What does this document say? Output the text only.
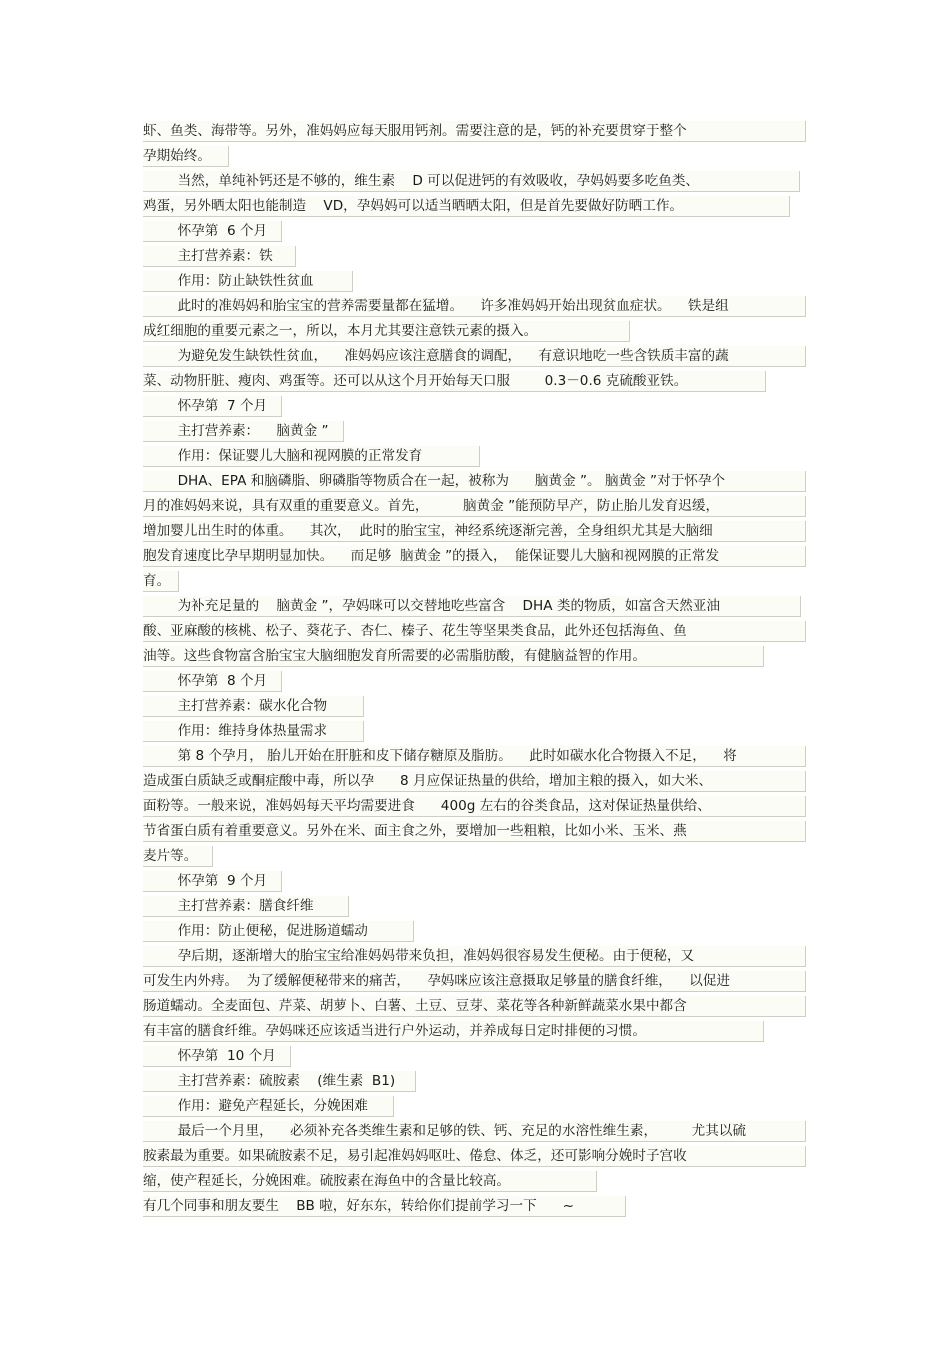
虾、鱼类、海带等。另外，准妈妈应每天服用钙剂。需要注意的是，钙的补充要贯穿于整个
孕期始终。
当然，单纯补钙还是不够的，维生素    D 可以促进钙的有效吸收，孕妈妈要多吃鱼类、
鸡蛋，另外晒太阳也能制造    VD，孕妈妈可以适当晒晒太阳，但是首先要做好防晒工作。
怀孕第  6 个月
主打营养素：铁
作用：防止缺铁性贫血
此时的准妈妈和胎宝宝的营养需要量都在猛增。    许多准妈妈开始出现贫血症状。    铁是组
成红细胞的重要元素之一，所以，本月尤其要注意铁元素的摄入。
为避免发生缺铁性贫血，    准妈妈应该注意膳食的调配，    有意识地吃一些含铁质丰富的蔬
菜、动物肝脏、瘦肉、鸡蛋等。还可以从这个月开始每天口服        0.3－0.6 克硫酸亚铁。
怀孕第  7 个月
主打营养素：    脑黄金 ”
作用：保证婴儿大脑和视网膜的正常发育
DHA、EPA 和脑磷脂、卵磷脂等物质合在一起，被称为      脑黄金 ”。 脑黄金 ”对于怀孕个
月的准妈妈来说，具有双重的重要意义。首先，        脑黄金 ”能预防早产，防止胎儿发育迟缓，
增加婴儿出生时的体重。    其次，  此时的胎宝宝，神经系统逐渐完善，全身组织尤其是大脑细
胞发育速度比孕早期明显加快。    而足够  脑黄金 ”的摄入，  能保证婴儿大脑和视网膜的正常发
育。
为补充足量的    脑黄金 ”，孕妈咪可以交替地吃些富含    DHA 类的物质，如富含天然亚油
酸、亚麻酸的核桃、松子、葵花子、杏仁、榛子、花生等坚果类食品，此外还包括海鱼、鱼
油等。这些食物富含胎宝宝大脑细胞发育所需要的必需脂肪酸，有健脑益智的作用。
怀孕第  8 个月
主打营养素：碳水化合物
作用：维持身体热量需求
第 8 个孕月， 胎儿开始在肝脏和皮下储存糖原及脂肪。    此时如碳水化合物摄入不足，    将
造成蛋白质缺乏或酮症酸中毒，所以孕      8 月应保证热量的供给，增加主粮的摄入，如大米、
面粉等。一般来说，准妈妈每天平均需要进食      400g 左右的谷类食品，这对保证热量供给、
节省蛋白质有着重要意义。另外在米、面主食之外，要增加一些粗粮，比如小米、玉米、燕
麦片等。
怀孕第  9 个月
主打营养素：膳食纤维
作用：防止便秘，促进肠道蠕动
孕后期，逐渐增大的胎宝宝给准妈妈带来负担，准妈妈很容易发生便秘。由于便秘，又
可发生内外痔。  为了缓解便秘带来的痛苦，    孕妈咪应该注意摄取足够量的膳食纤维，    以促进
肠道蠕动。全麦面包、芹菜、胡萝卜、白薯、土豆、豆芽、菜花等各种新鲜蔬菜水果中都含
有丰富的膳食纤维。孕妈咪还应该适当进行户外运动，并养成每日定时排便的习惯。
怀孕第  10 个月
主打营养素：硫胺素    (维生素  B1)
作用：避免产程延长，分娩困难
最后一个月里，    必须补充各类维生素和足够的铁、钙、充足的水溶性维生素，        尤其以硫
胺素最为重要。如果硫胺素不足，易引起准妈妈呕吐、倦怠、体乏，还可影响分娩时子宫收
缩，使产程延长，分娩困难。硫胺素在海鱼中的含量比较高。
有几个同事和朋友要生    BB 啦，好东东，转给你们提前学习一下      ~
